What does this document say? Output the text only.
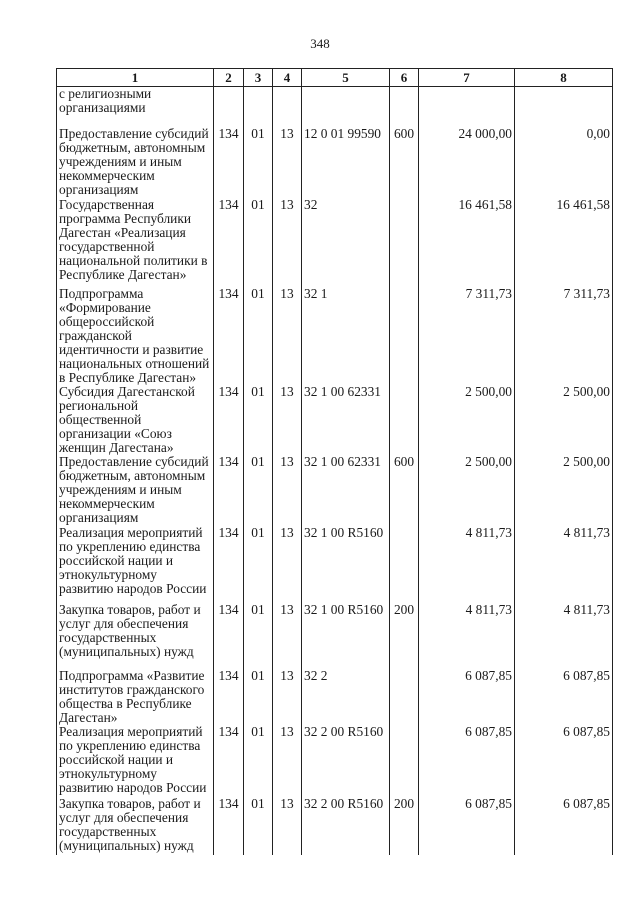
348
1	2	3	4	5	6	7	8
с религиозными организациями							
Предоставление субсидий бюджетным, автономным учреждениям и иным некоммерческим организациям	134	01	13	12 0 01 99590	600	24 000,00	0,00
Государственная программа Республики Дагестан «Реализация государственной национальной политики в Республике Дагестан»	134	01	13	32		16 461,58	16 461,58
Подпрограмма «Формирование общероссийской гражданской идентичности и развитие национальных отношений в Республике Дагестан»	134	01	13	32 1		7 311,73	7 311,73
Субсидия Дагестанской региональной общественной организации «Союз женщин Дагестана»	134	01	13	32 1 00 62331		2 500,00	2 500,00
Предоставление субсидий бюджетным, автономным учреждениям и иным некоммерческим организациям	134	01	13	32 1 00 62331	600	2 500,00	2 500,00
Реализация мероприятий по укреплению единства российской нации и этнокультурному развитию народов России	134	01	13	32 1 00 R5160		4 811,73	4 811,73
Закупка товаров, работ и услуг для обеспечения государственных (муниципальных) нужд	134	01	13	32 1 00 R5160	200	4 811,73	4 811,73
Подпрограмма «Развитие институтов гражданского общества в Республике Дагестан»	134	01	13	32 2		6 087,85	6 087,85
Реализация мероприятий по укреплению единства российской нации и этнокультурному развитию народов России	134	01	13	32 2 00 R5160		6 087,85	6 087,85
Закупка товаров, работ и услуг для обеспечения государственных (муниципальных) нужд	134	01	13	32 2 00 R5160	200	6 087,85	6 087,85
